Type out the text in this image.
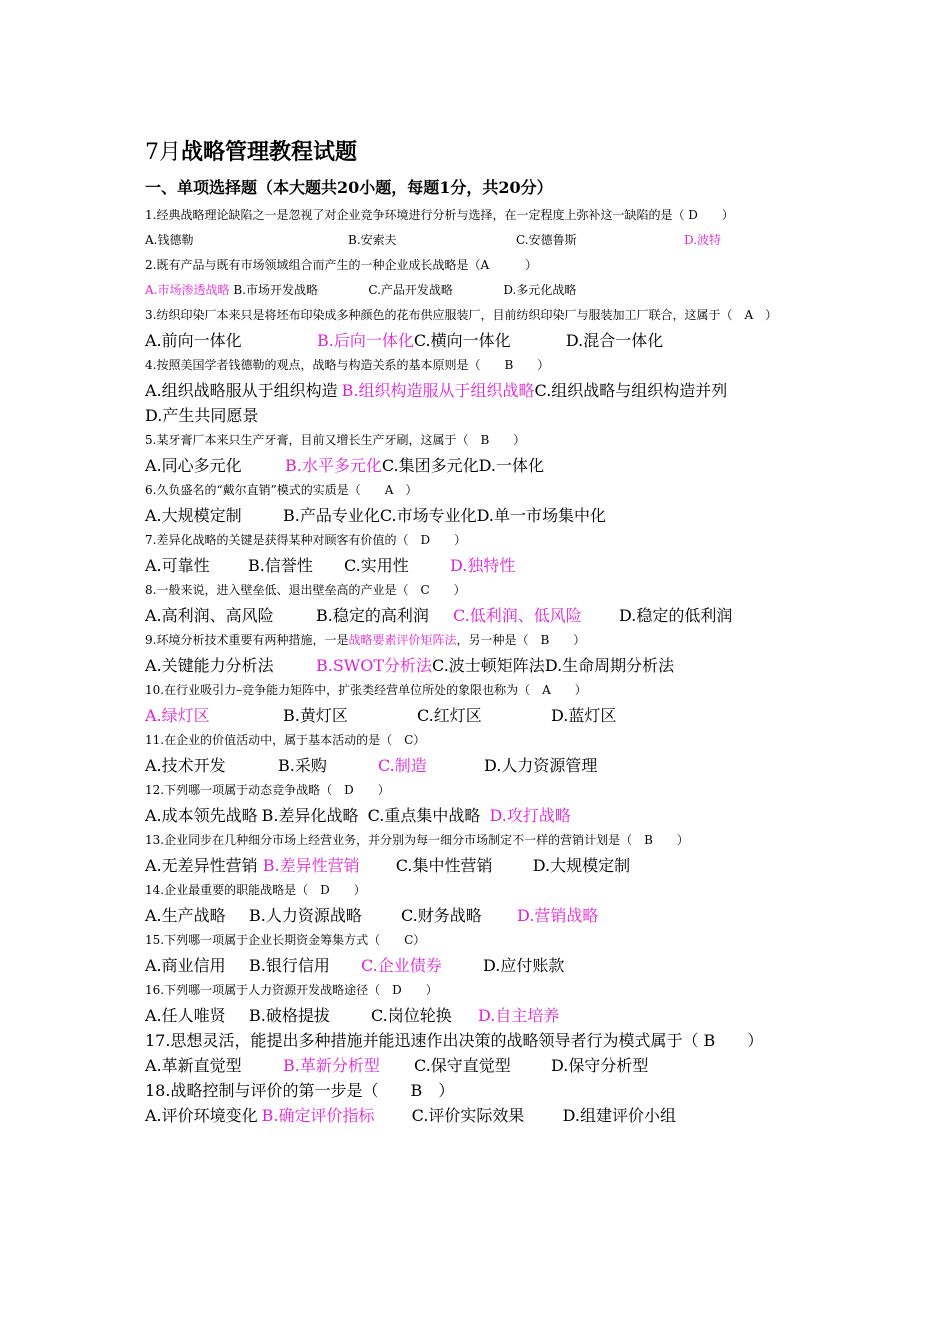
7月战略管理教程试题

一、单项选择题（本大题共20小题，每题1分，共20分）

1.经典战略理论缺陷之一是忽视了对企业竞争环境进行分析与选择，在一定程度上弥补这一缺陷的是（ D　　）

A.钱德勒	B.安索夫	C.安德鲁斯	D.波特

2.既有产品与既有市场领域组合而产生的一种企业成长战略是（A　　　）

A.市场渗透战略 B.市场开发战略	C.产品开发战略	D.多元化战略

3.纺织印染厂本来只是将坯布印染成多种颜色的花布供应服装厂，目前纺织印染厂与服装加工厂联合，这属于（　A　）

A.前向一体化	B.后向一体化C.横向一体化	D.混合一体化

4.按照美国学者钱德勒的观点，战略与构造关系的基本原则是（　　B　　）

A.组织战略服从于组织构造 B.组织构造服从于组织战略C.组织战略与组织构造并列　 D.产生共同愿景

5.某牙膏厂本来只生产牙膏，目前又增长生产牙刷，这属于（　B　　）

A.同心多元化	B.水平多元化C.集团多元化D.一体化

6.久负盛名的“戴尔直销”模式的实质是（　　A　）

A.大规模定制	B.产品专业化C.市场专业化D.单一市场集中化

7.差异化战略的关键是获得某种对顾客有价值的（　D　　）

A.可靠性 B.信誉性 C.实用性	D.独特性

8.一般来说，进入壁垒低、退出壁垒高的产业是（　C　　）

A.高利润、高风险	B.稳定的高利润 C.低利润、低风险 D.稳定的低利润

9.环境分析技术重要有两种措施，一是战略要素评价矩阵法，另一种是（　B　　）

A.关键能力分析法	B.SWOT分析法C.波士顿矩阵法D.生命周期分析法

10.在行业吸引力–竞争能力矩阵中，扩张类经营单位所处的象限也称为（　A　　）

A.绿灯区	B.黄灯区	C.红灯区	D.蓝灯区

11.在企业的价值活动中，属于基本活动的是（　C）

A.技术开发	B.采购	C.制造	D.人力资源管理

12.下列哪一项属于动态竞争战略（　D　　）

A.成本领先战略 B.差异化战略 C.重点集中战略 D.攻打战略

13.企业同步在几种细分市场上经营业务，并分别为每一细分市场制定不一样的营销计划是（　B　　）

A.无差异性营销 B.差异性营销 C.集中性营销	D.大规模定制

14.企业最重要的职能战略是（　D　　）

A.生产战略 B.人力资源战略 C.财务战略 D.营销战略

15.下列哪一项属于企业长期资金筹集方式（　　C）

A.商业信用 B.银行信用 C.企业债券	D.应付账款

16.下列哪一项属于人力资源开发战略途径（　D　　）

A.任人唯贤 B.破格提拔	C.岗位轮换 D.自主培养

17.思想灵活，能提出多种措施并能迅速作出决策的战略领导者行为模式属于（ B　　）

A.革新直觉型	B.革新分析型 C.保守直觉型	D.保守分析型

18.战略控制与评价的第一步是（　　B　）

A.评价环境变化 B.确定评价指标 C.评价实际效果 D.组建评价小组
